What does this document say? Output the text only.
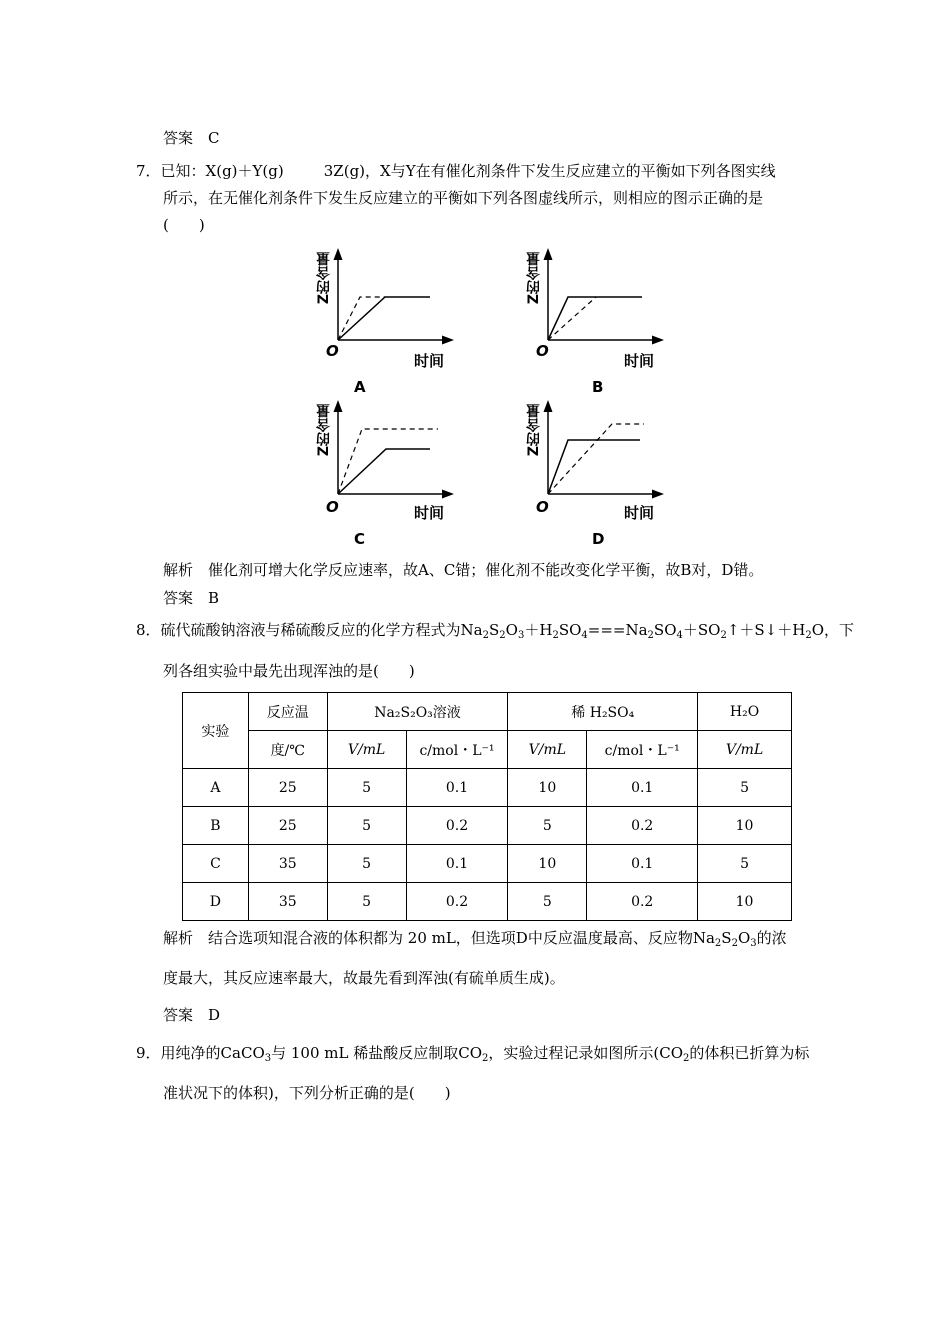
答案　C
7．已知：X(g)＋Y(g)	3Z(g)，X与Y在有催化剂条件下发生反应建立的平衡如下列各图实线
所示，在无催化剂条件下发生反应建立的平衡如下列各图虚线所示，则相应的图示正确的是
(　　)
Z的含量
O
时间
A
Z的含量
O
时间
B
Z的含量
O	时间
C
Z的含量
O	时间
D
解析　催化剂可增大化学反应速率，故A、C错；催化剂不能改变化学平衡，故B对，D错。
答案　B
8．硫代硫酸钠溶液与稀硫酸反应的化学方程式为$Na_2S_2O_3+H_2SO_4===Na_2SO_4+SO_2↑+S↓+H_2O$，下
列各组实验中最先出现浑浊的是(　　)
实验	反应温	Na₂S₂O₃溶液		稀 H₂SO₄		H₂O
	度/℃	V/mL	c/mol・L⁻¹	V/mL	c/mol・L⁻¹	V/mL
A	25	5	0.1	10	0.1	5
B	25	5	0.2	5	0.2	10
C	35	5	0.1	10	0.1	5
D	35	5	0.2	5	0.2	10
解析　结合选项知混合液的体积都为 20 mL，但选项D中反应温度最高、反应物$Na_2S_2O_3$的浓
度最大，其反应速率最大，故最先看到浑浊(有硫单质生成)。
答案　D
9．用纯净的CaCO$_3$与 100 mL 稀盐酸反应制取$CO_2$，实验过程记录如图所示($CO_2$的体积已折算为标
准状况下的体积)，下列分析正确的是(　　)
